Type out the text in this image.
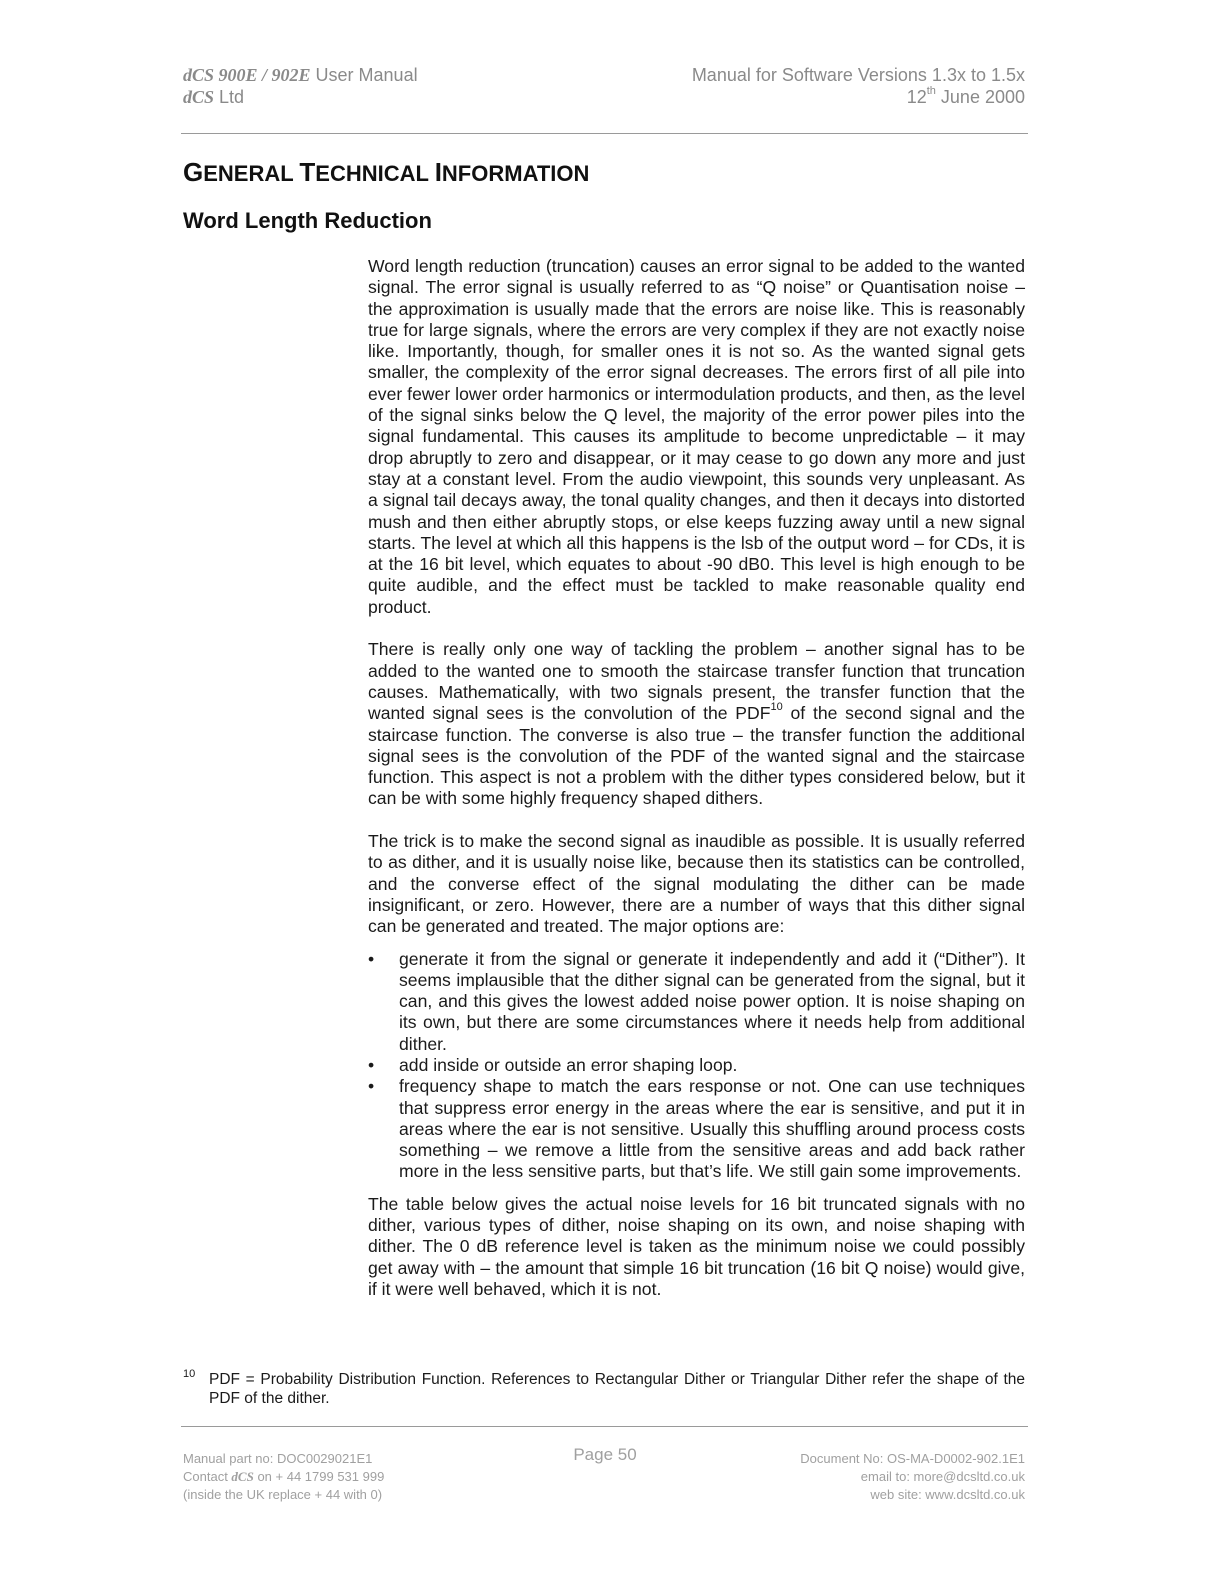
dCS 900E / 902E User Manual
dCS Ltd
Manual for Software Versions 1.3x to 1.5x
12th June 2000
GENERAL TECHNICAL INFORMATION
Word Length Reduction

Word length reduction (truncation) causes an error signal to be added to the wanted signal. The error signal is usually referred to as “Q noise” or Quantisation noise – the approximation is usually made that the errors are noise like. This is reasonably true for large signals, where the errors are very complex if they are not exactly noise like. Importantly, though, for smaller ones it is not so. As the wanted signal gets smaller, the complexity of the error signal decreases. The errors first of all pile into ever fewer lower order harmonics or intermodulation products, and then, as the level of the signal sinks below the Q level, the majority of the error power piles into the signal fundamental. This causes its amplitude to become unpredictable – it may drop abruptly to zero and disappear, or it may cease to go down any more and just stay at a constant level. From the audio viewpoint, this sounds very unpleasant. As a signal tail decays away, the tonal quality changes, and then it decays into distorted mush and then either abruptly stops, or else keeps fuzzing away until a new signal starts. The level at which all this happens is the lsb of the output word – for CDs, it is at the 16 bit level, which equates to about -90 dB0. This level is high enough to be quite audible, and the effect must be tackled to make reasonable quality end product.

There is really only one way of tackling the problem – another signal has to be added to the wanted one to smooth the staircase transfer function that truncation causes. Mathematically, with two signals present, the transfer function that the wanted signal sees is the convolution of the PDF$^{10}$ of the second signal and the staircase function. The converse is also true – the transfer function the additional signal sees is the convolution of the PDF of the wanted signal and the staircase function. This aspect is not a problem with the dither types considered below, but it can be with some highly frequency shaped dithers.

The trick is to make the second signal as inaudible as possible. It is usually referred to as dither, and it is usually noise like, because then its statistics can be controlled, and the converse effect of the signal modulating the dither can be made insignificant, or zero. However, there are a number of ways that this dither signal can be generated and treated. The major options are:

• generate it from the signal or generate it independently and add it (“Dither”). It seems implausible that the dither signal can be generated from the signal, but it can, and this gives the lowest added noise power option. It is noise shaping on its own, but there are some circumstances where it needs help from additional dither.
• add inside or outside an error shaping loop.
• frequency shape to match the ears response or not. One can use techniques that suppress error energy in the areas where the ear is sensitive, and put it in areas where the ear is not sensitive. Usually this shuffling around process costs something – we remove a little from the sensitive areas and add back rather more in the less sensitive parts, but that’s life. We still gain some improvements.

The table below gives the actual noise levels for 16 bit truncated signals with no dither, various types of dither, noise shaping on its own, and noise shaping with dither. The 0 dB reference level is taken as the minimum noise we could possibly get away with – the amount that simple 16 bit truncation (16 bit Q noise) would give, if it were well behaved, which it is not.

10 PDF = Probability Distribution Function. References to Rectangular Dither or Triangular Dither refer the shape of the PDF of the dither.
Manual part no: DOC0029021E1
Contact dCS on + 44 1799 531 999
(inside the UK replace + 44 with 0)
Page 50	Document No: OS-MA-D0002-902.1E1
email to: more@dcsltd.co.uk
web site: www.dcsltd.co.uk
